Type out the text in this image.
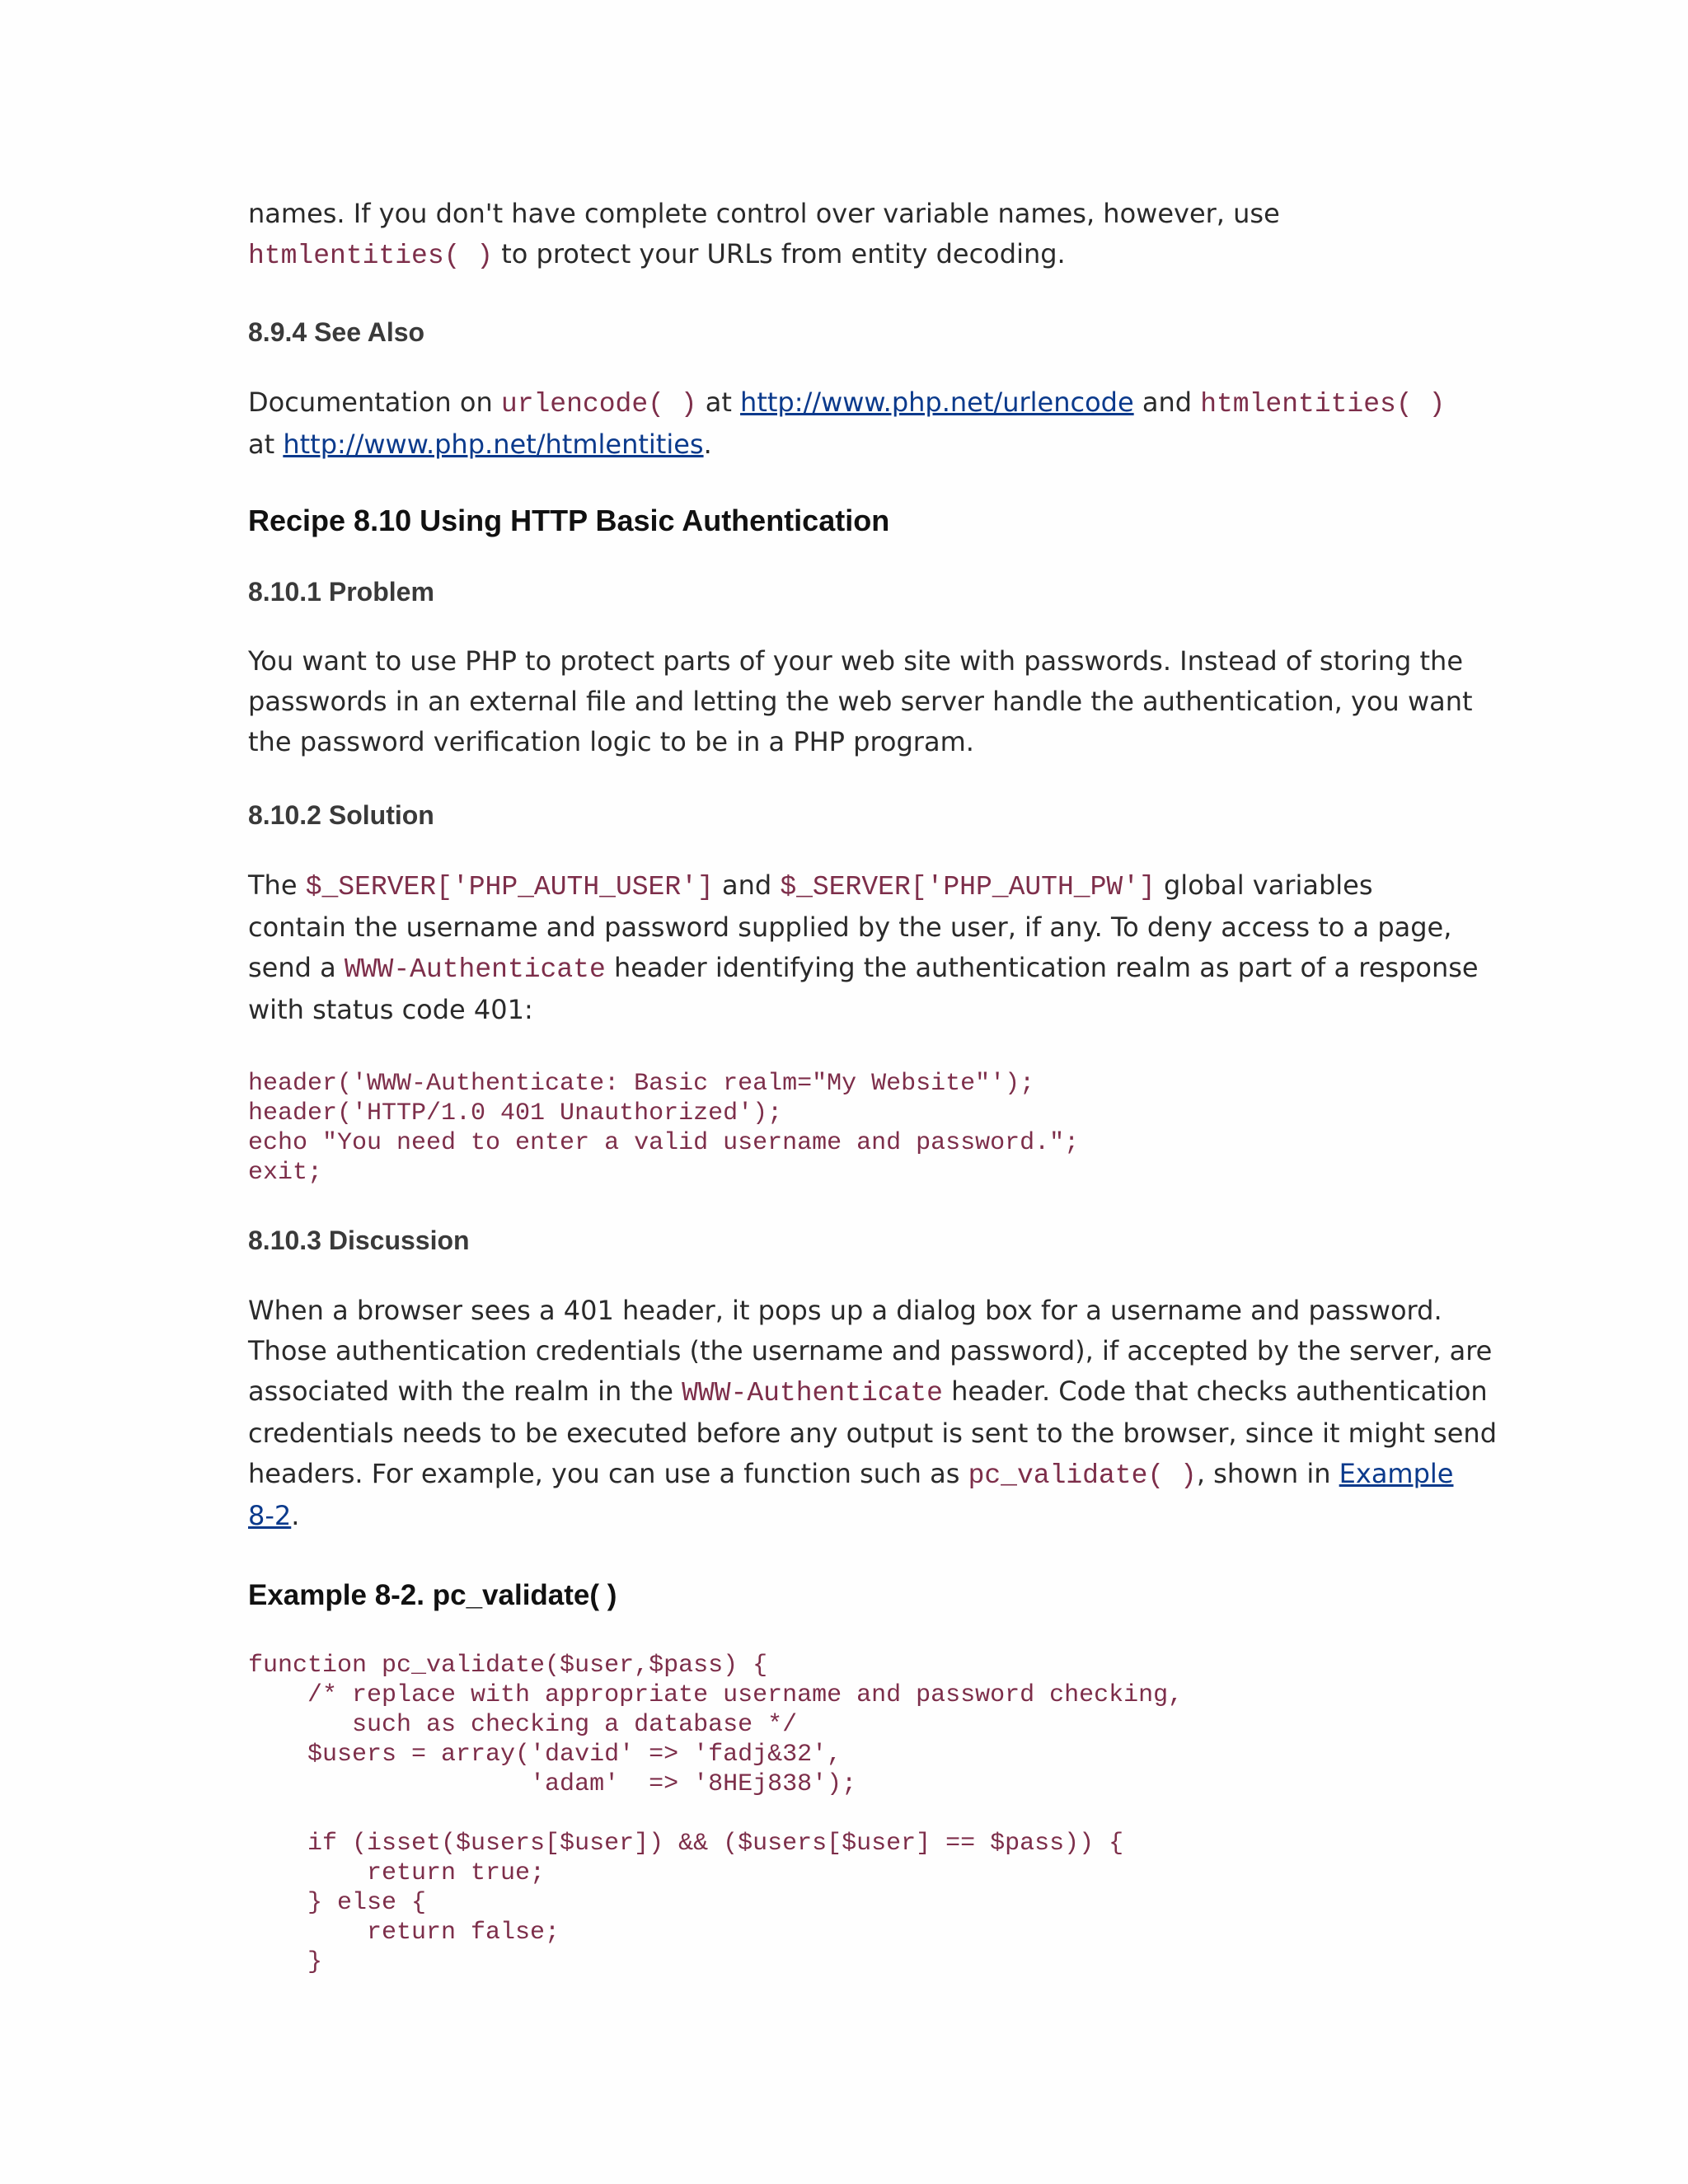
names. If you don't have complete control over variable names, however, use
htmlentities( ) to protect your URLs from entity decoding.

8.9.4 See Also

Documentation on urlencode( ) at http://www.php.net/urlencode and htmlentities( )
at http://www.php.net/htmlentities.

Recipe 8.10 Using HTTP Basic Authentication
8.10.1 Problem

You want to use PHP to protect parts of your web site with passwords. Instead of storing the
passwords in an external file and letting the web server handle the authentication, you want
the password verification logic to be in a PHP program.

8.10.2 Solution

The $_SERVER['PHP_AUTH_USER'] and $_SERVER['PHP_AUTH_PW'] global variables
contain the username and password supplied by the user, if any. To deny access to a page,
send a WWW-Authenticate header identifying the authentication realm as part of a response
with status code 401:

header('WWW-Authenticate: Basic realm="My Website"');
header('HTTP/1.0 401 Unauthorized');
echo "You need to enter a valid username and password.";
exit;
8.10.3 Discussion

When a browser sees a 401 header, it pops up a dialog box for a username and password.
Those authentication credentials (the username and password), if accepted by the server, are
associated with the realm in the WWW-Authenticate header. Code that checks authentication
credentials needs to be executed before any output is sent to the browser, since it might send
headers. For example, you can use a function such as pc_validate( ), shown in Example
8-2.

Example 8-2. pc_validate( )
function pc_validate($user,$pass) {
/* replace with appropriate username and password checking,
such as checking a database */
$users = array('david' => 'fadj&32',
'adam'  => '8HEj838');

if (isset($users[$user]) && ($users[$user] == $pass)) {
return true;
} else {
return false;
}
